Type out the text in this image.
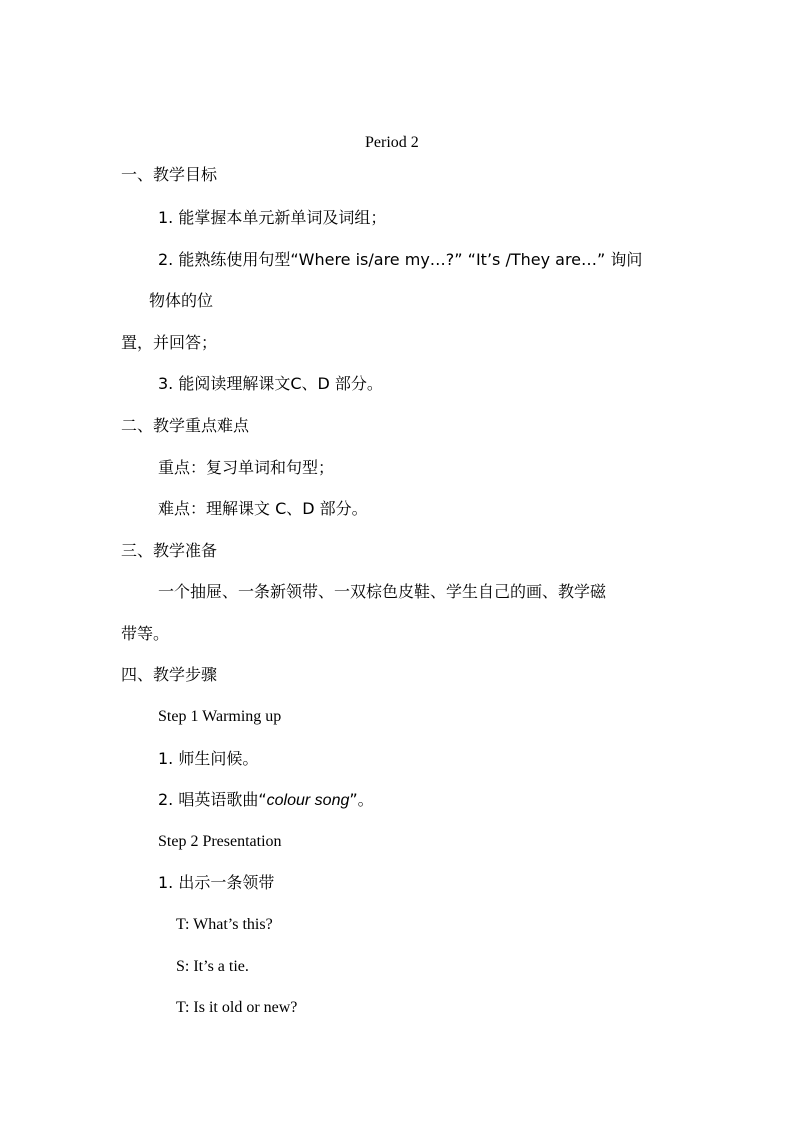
Period 2
一、教学目标
1. 能掌握本单元新单词及词组；
2. 能熟练使用句型“Where is/are my…?” “It’s /They are…” 询问
物体的位
置，并回答；
3. 能阅读理解课文C、D 部分。
二、教学重点难点
重点：复习单词和句型；
难点：理解课文 C、D 部分。
三、教学准备
一个抽屉、一条新领带、一双棕色皮鞋、学生自己的画、教学磁
带等。
四、教学步骤
Step 1 Warming up
1. 师生问候。
2. 唱英语歌曲“colour song”。
Step 2 Presentation
1. 出示一条领带
T: What’s this?
S: It’s a tie.
T: Is it old or new?
